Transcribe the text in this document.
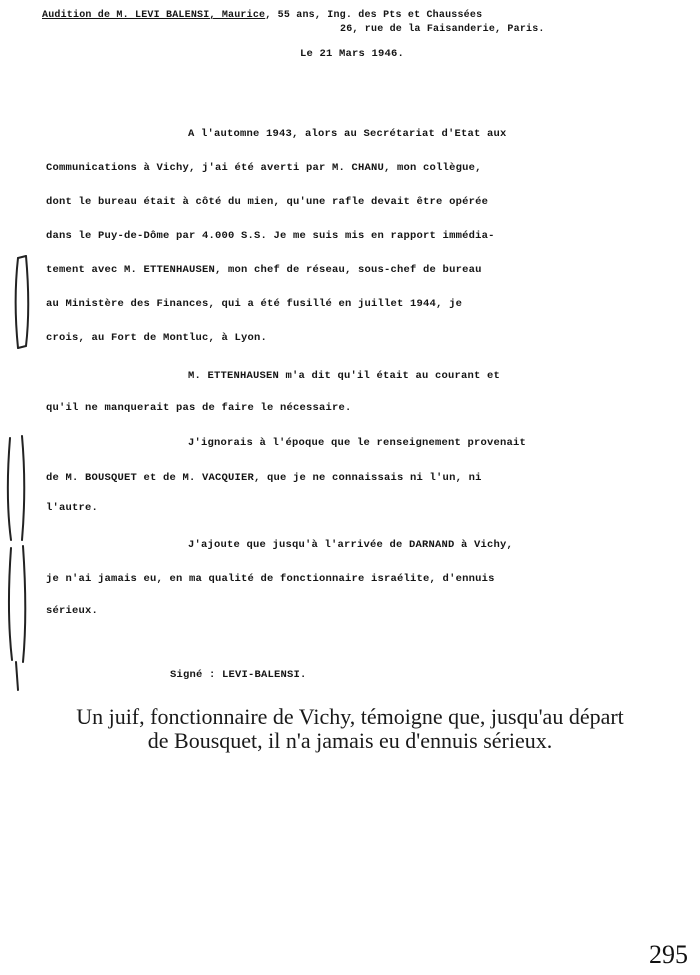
Audition de M. LEVI BALENSI, Maurice, 55 ans, Ing. des Pts et Chaussées
26, rue de la Faisanderie, Paris.
Le 21 Mars 1946.
A l'automne 1943, alors au Secrétariat d'Etat aux
Communications à Vichy, j'ai été averti par M. CHANU, mon collègue,
dont le bureau était à côté du mien, qu'une rafle devait être opérée
dans le Puy-de-Dôme par 4.000 S.S. Je me suis mis en rapport immédia-
tement avec M. ETTENHAUSEN, mon chef de réseau, sous-chef de bureau
au Ministère des Finances, qui a été fusillé en juillet 1944, je
crois, au Fort de Montluc, à Lyon.
M. ETTENHAUSEN m'a dit qu'il était au courant et
qu'il ne manquerait pas de faire le nécessaire.
J'ignorais à l'époque que le renseignement provenait
de M. BOUSQUET et de M. VACQUIER, que je ne connaissais ni l'un, ni
l'autre.
J'ajoute que jusqu'à l'arrivée de DARNAND à Vichy,
je n'ai jamais eu, en ma qualité de fonctionnaire israélite, d'ennuis
sérieux.
Signé : LEVI-BALENSI.
Un juif, fonctionnaire de Vichy, témoigne que, jusqu'au départ
de Bousquet, il n'a jamais eu d'ennuis sérieux.
295
